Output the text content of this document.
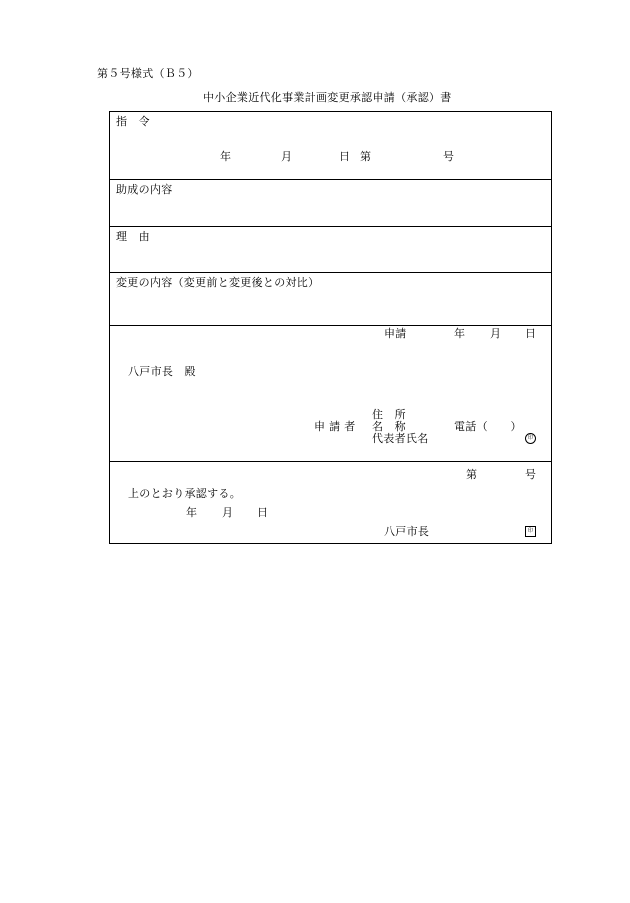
第５号様式（Ｂ５）
中小企業近代化事業計画変更承認申請（承認）書
指　令
年	月	日 第	号
助成の内容
理　由
変更の内容（変更前と変更後との対比）
申請	年 月 日
八戸市長　殿
住　所
申 請 者 名　称	電話（　　）
代表者氏名	印
第	号
上のとおり承認する。
年 月 日
八戸市長	印
